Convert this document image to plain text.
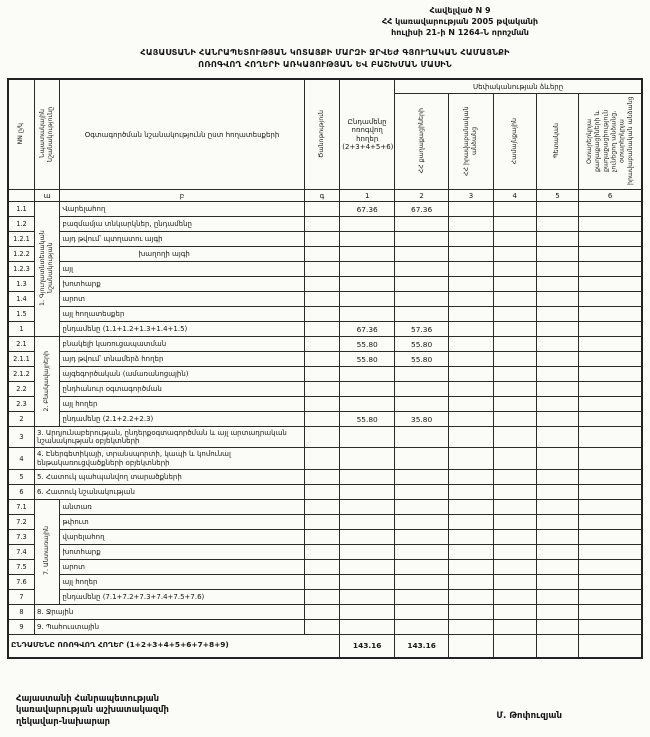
Հավելված N 9
ՀՀ կառավարության 2005 թվականի
հուլիսի 21-ի N 1264-Ն որոշման
ՀԱՅԱՍՏԱՆԻ ՀԱՆՐԱՊԵՏՈՒԹՅԱՆ ԿՈՏԱՅՔԻ ՄԱՐԶԻ ՋՐՎԵԺ ԳՅՈՒՂԱԿԱՆ ՀԱՄԱՅՆՔԻ
ՈՌՈԳՎՈՂ ՀՈՂԵՐԻ ԱՌԿԱՅՈՒԹՅԱՆ ԵՎ ԲԱՇԽՄԱՆ ՄԱՍԻՆ
NN ը/կ	Նպատակային նշանակությունը	Օգտագործման նշանակությունն ըստ հողատեսքերի	Ծանոթություն	Ընդամենը ոռոգվող հողեր (2+3+4+5+6)	Սեփականության ձևերը				
					ՀՀ քաղաքացիների	ՀՀ իրավաբանական անձանց	Համայնքային	Պետական	Օտարերկրյա քաղաքացիների և քաղաքացիություն չունեցող անձանց, օտարերկրյա իրավաբանական անձանց
	ա	բ	գ	1	2	3	4	5	6
1.1	1. Գյուղատնտեսական նշանակության	Վարելահող		67.36	67.36				
1.2		բազմամյա տնկարկներ, ընդամենը							
1.2.1		այդ թվում՝ պտղատու այգի							
1.2.2		խաղողի այգի							
1.2.3		այլ							
1.3		խոտհարք							
1.4		արոտ							
1.5		այլ հողատեսքեր							
1		ընդամենը (1.1+1.2+1.3+1.4+1.5)		67.36	57.36				
2.1	2. Բնակավայրերի	բնակելի կառուցապատման		55.80	55.80				
2.1.1		այդ թվում՝ տնամերձ հողեր		55.80	55.80				
2.1.2		այգեգործական (ամառանոցային)							
2.2		ընդհանուր օգտագործման							
2.3		այլ հողեր							
2		ընդամենը (2.1+2.2+2.3)		55.80	35.80				
3	3. Արդյունաբերության, ընդերքօգտագործման և այլ արտադրական նշանակության օբյեկտների								
4	4. Էներգետիկայի, տրանսպորտի, կապի և կոմունալ ենթակառուցվածքների օբյեկտների								
5	5. Հատուկ պահպանվող տարածքների								
6	6. Հատուկ նշանակության								
7.1	7. Անտառային	անտառ							
7.2		թփուտ							
7.3		վարելահող							
7.4		խոտհարք							
7.5		արոտ							
7.6		այլ հողեր							
7		ընդամենը (7.1+7.2+7.3+7.4+7.5+7.6)							
8	8. Ջրային								
9	9. Պահուստային								
ԸՆԴԱՄԵՆԸ ՈՌՈԳՎՈՂ ՀՈՂԵՐ (1+2+3+4+5+6+7+8+9)				143.16	143.16				
Հայաստանի Հանրապետության
կառավարության աշխատակազմի
ղեկավար-նախարար
Մ. Թոփուզյան
